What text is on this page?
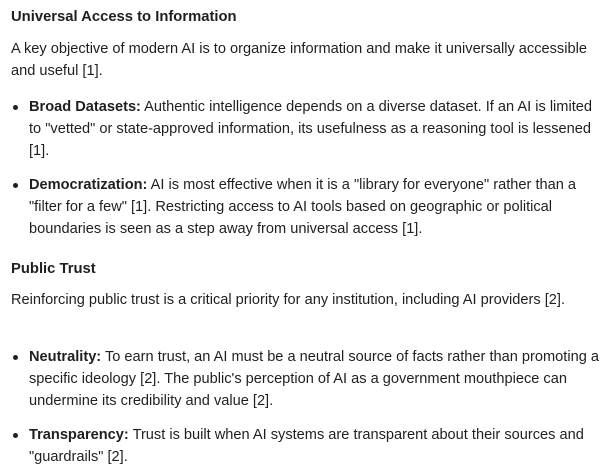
Universal Access to Information

A key objective of modern AI is to organize information and make it universally accessible and useful [1].

Broad Datasets: Authentic intelligence depends on a diverse dataset. If an AI is limited to "vetted" or state-approved information, its usefulness as a reasoning tool is lessened [1].
Democratization: AI is most effective when it is a "library for everyone" rather than a "filter for a few" [1]. Restricting access to AI tools based on geographic or political boundaries is seen as a step away from universal access [1].
Public Trust

Reinforcing public trust is a critical priority for any institution, including AI providers [2].

Neutrality: To earn trust, an AI must be a neutral source of facts rather than promoting a specific ideology [2]. The public's perception of AI as a government mouthpiece can undermine its credibility and value [2].
Transparency: Trust is built when AI systems are transparent about their sources and "guardrails" [2].
